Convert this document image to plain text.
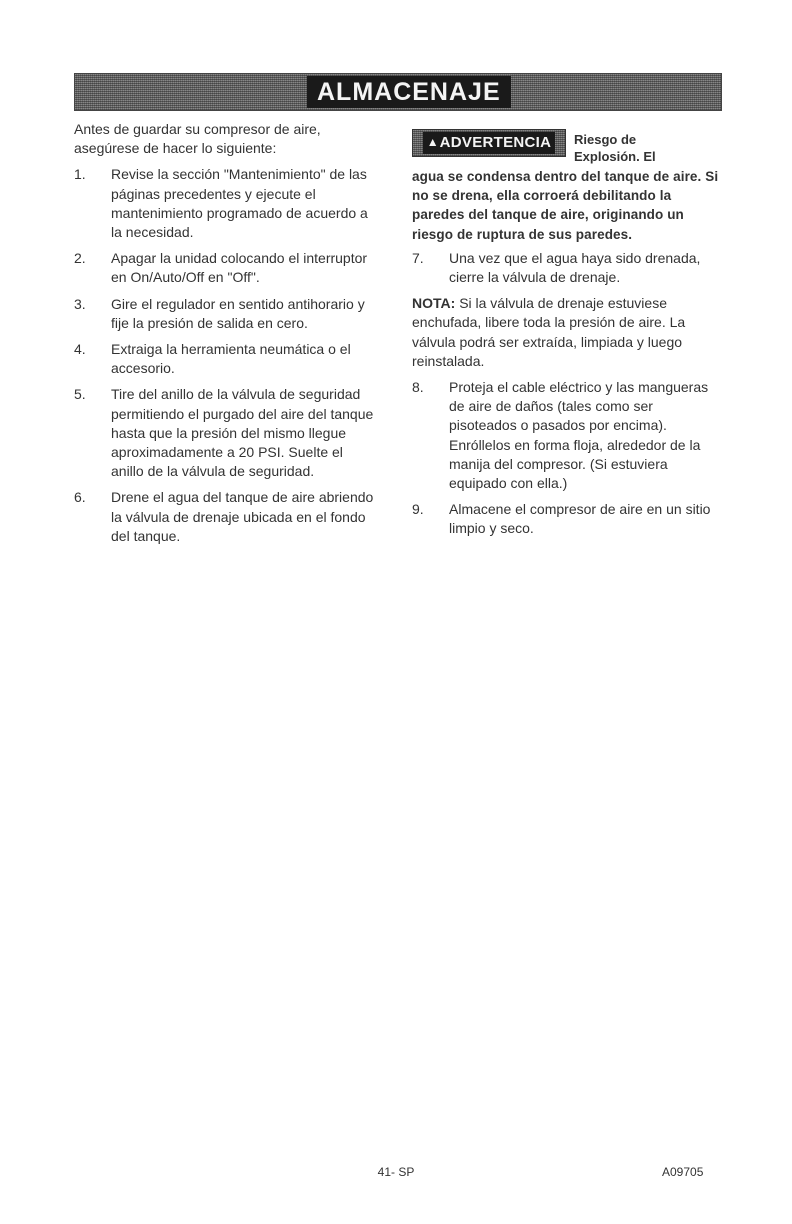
ALMACENAJE

Antes de guardar su compresor de aire, asegúrese de hacer lo siguiente:

1.	Revise la sección "Mantenimiento" de las páginas precedentes y ejecute el mantenimiento programado de acuerdo a la necesidad.
2.	Apagar la unidad colocando el interruptor en On/Auto/Off en "Off".
3.	Gire el regulador en sentido antihorario y fije la presión de salida en cero.
4.	Extraiga la herramienta neumática o el accesorio.
5.	Tire del anillo de la válvula de seguridad permitiendo el purgado del aire del tanque hasta que la presión del mismo llegue aproximadamente a 20 PSI. Suelte el anillo de la válvula de seguridad.
6.	Drene el agua del tanque de aire abriendo la válvula de drenaje ubicada en el fondo del tanque.
▲ ADVERTENCIA Riesgo de
Explosión. El

agua se condensa dentro del tanque de aire. Si no se drena, ella corroerá debilitando la paredes del tanque de aire, originando un riesgo de ruptura de sus paredes.

7.	Una vez que el agua haya sido drenada, cierre la válvula de drenaje.

NOTA: Si la válvula de drenaje estuviese enchufada, libere toda la presión de aire. La válvula podrá ser extraída, limpiada y luego reinstalada.

8.	Proteja el cable eléctrico y las mangueras de aire de daños (tales como ser pisoteados o pasados por encima). Enróllelos en forma floja, alrededor de la manija del compresor. (Si estuviera equipado con ella.)
9.	Almacene el compresor de aire en un sitio limpio y seco.
41- SP	A09705
